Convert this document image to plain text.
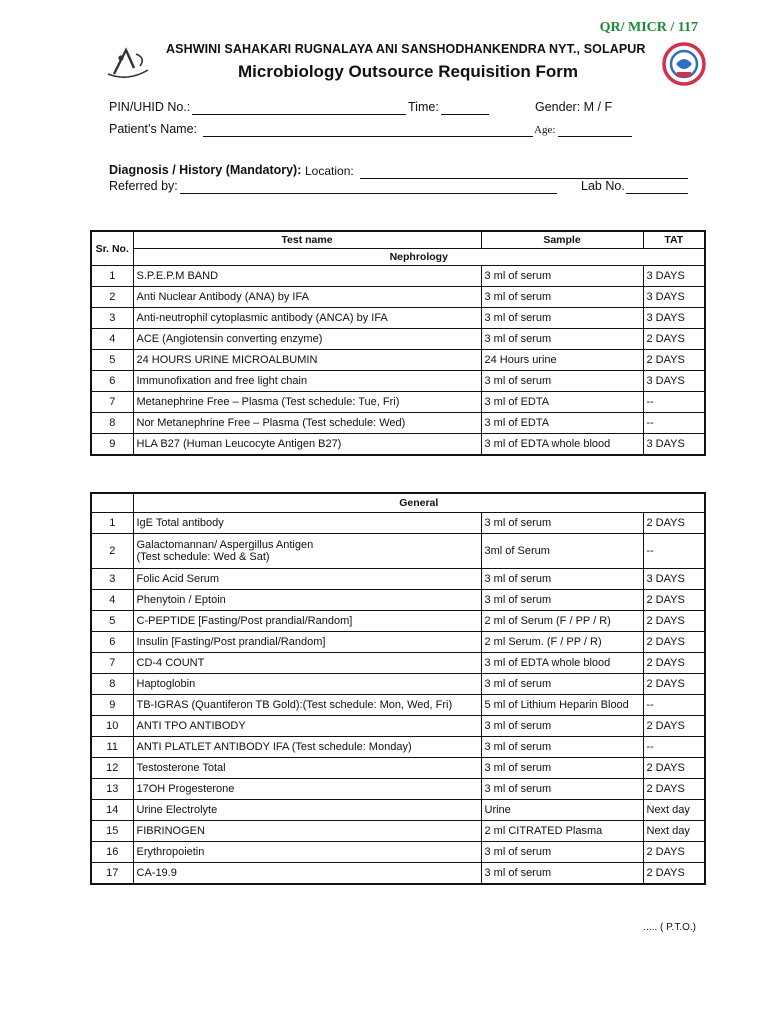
QR/ MICR / 117
ASHWINI SAHAKARI RUGNALAYA ANI SANSHODHANKENDRA NYT., SOLAPUR
Microbiology Outsource Requisition Form
PIN/UHID No.:	Time:	Gender: M / F
Patient’s Name:	Age:
Diagnosis / History (Mandatory): Location:
Referred by:	Lab No.
Sr. No.	Test name	Sample	TAT
	Nephrology		
1	S.P.E.P.M BAND	3 ml of serum	3 DAYS
2	Anti Nuclear Antibody (ANA) by IFA	3 ml of serum	3 DAYS
3	Anti-neutrophil cytoplasmic antibody (ANCA) by IFA	3 ml of serum	3 DAYS
4	ACE (Angiotensin converting enzyme)	3 ml of serum	2 DAYS
5	24 HOURS URINE MICROALBUMIN	24 Hours urine	2 DAYS
6	Immunofixation and free light chain	3 ml of serum	3 DAYS
7	Metanephrine Free – Plasma (Test schedule: Tue, Fri)	3 ml of EDTA	--
8	Nor Metanephrine Free – Plasma (Test schedule: Wed)	3 ml of EDTA	--
9	HLA B27 (Human Leucocyte Antigen B27)	3 ml of EDTA whole blood	3 DAYS
	General		
1	IgE Total antibody	3 ml of serum	2 DAYS
2	Galactomannan/ Aspergillus Antigen
(Test schedule: Wed & Sat)	3ml of Serum	--
3	Folic Acid Serum	3 ml of serum	3 DAYS
4	Phenytoin / Eptoin	3 ml of serum	2 DAYS
5	C-PEPTIDE [Fasting/Post prandial/Random]	2 ml of Serum (F / PP / R)	2 DAYS
6	Insulin [Fasting/Post prandial/Random]	2 ml Serum. (F / PP / R)	2 DAYS
7	CD-4 COUNT	3 ml of EDTA whole blood	2 DAYS
8	Haptoglobin	3 ml of serum	2 DAYS
9	TB-IGRAS (Quantiferon TB Gold):(Test schedule: Mon, Wed, Fri)	5 ml of Lithium Heparin Blood	--
10	ANTI TPO ANTIBODY	3 ml of serum	2 DAYS
11	ANTI PLATLET ANTIBODY IFA (Test schedule: Monday)	3 ml of serum	--
12	Testosterone Total	3 ml of serum	2 DAYS
13	17OH Progesterone	3 ml of serum	2 DAYS
14	Urine Electrolyte	Urine	Next day
15	FIBRINOGEN	2 ml CITRATED Plasma	Next day
16	Erythropoietin	3 ml of serum	2 DAYS
17	CA-19.9	3 ml of serum	2 DAYS
..... ( P.T.O.)
